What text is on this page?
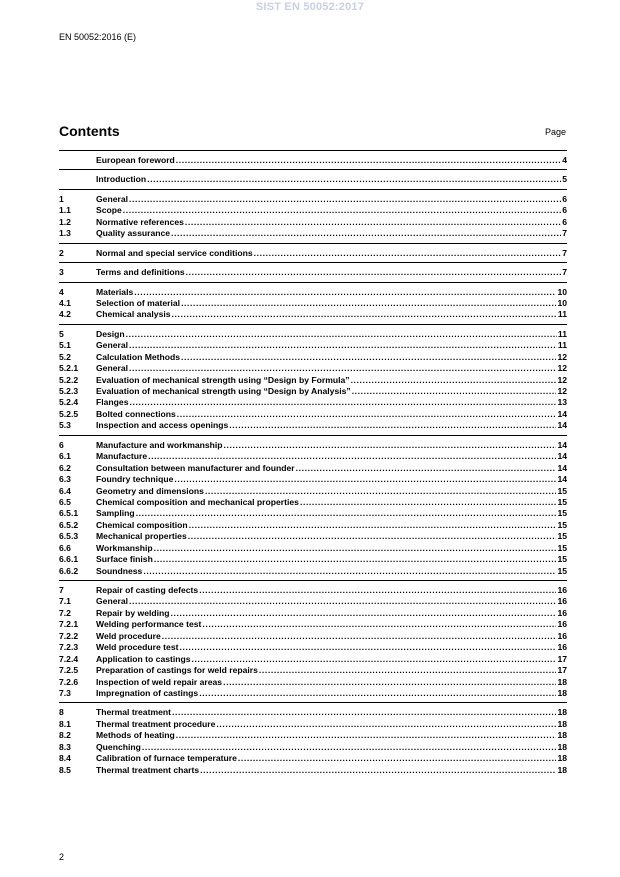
SIST EN 50052:2017
EN 50052:2016 (E)
Contents	Page
European foreword .....	4
Introduction .....	5
1	General .....	6
1.1	Scope .....	6
1.2	Normative references .....	6
1.3	Quality assurance .....	7
2	Normal and special service conditions .....	7
3	Terms and definitions .....	7
4	Materials .....	10
4.1	Selection of material .....	10
4.2	Chemical analysis .....	11
5	Design .....	11
5.1	General .....	11
5.2	Calculation Methods .....	12
5.2.1	General .....	12
5.2.2	Evaluation of mechanical strength using “Design by Formula” .....	12
5.2.3	Evaluation of mechanical strength using “Design by Analysis” .....	12
5.2.4	Flanges .....	13
5.2.5	Bolted connections .....	14
5.3	Inspection and access openings .....	14
6	Manufacture and workmanship .....	14
6.1	Manufacture .....	14
6.2	Consultation between manufacturer and founder .....	14
6.3	Foundry technique .....	14
6.4	Geometry and dimensions .....	15
6.5	Chemical composition and mechanical properties .....	15
6.5.1	Sampling .....	15
6.5.2	Chemical composition .....	15
6.5.3	Mechanical properties .....	15
6.6	Workmanship .....	15
6.6.1	Surface finish .....	15
6.6.2	Soundness .....	15
7	Repair of casting defects .....	16
7.1	General .....	16
7.2	Repair by welding .....	16
7.2.1	Welding performance test .....	16
7.2.2	Weld procedure .....	16
7.2.3	Weld procedure test .....	16
7.2.4	Application to castings .....	17
7.2.5	Preparation of castings for weld repairs .....	17
7.2.6	Inspection of weld repair areas .....	18
7.3	Impregnation of castings .....	18
8	Thermal treatment .....	18
8.1	Thermal treatment procedure .....	18
8.2	Methods of heating .....	18
8.3	Quenching .....	18
8.4	Calibration of furnace temperature .....	18
8.5	Thermal treatment charts .....	18
2
